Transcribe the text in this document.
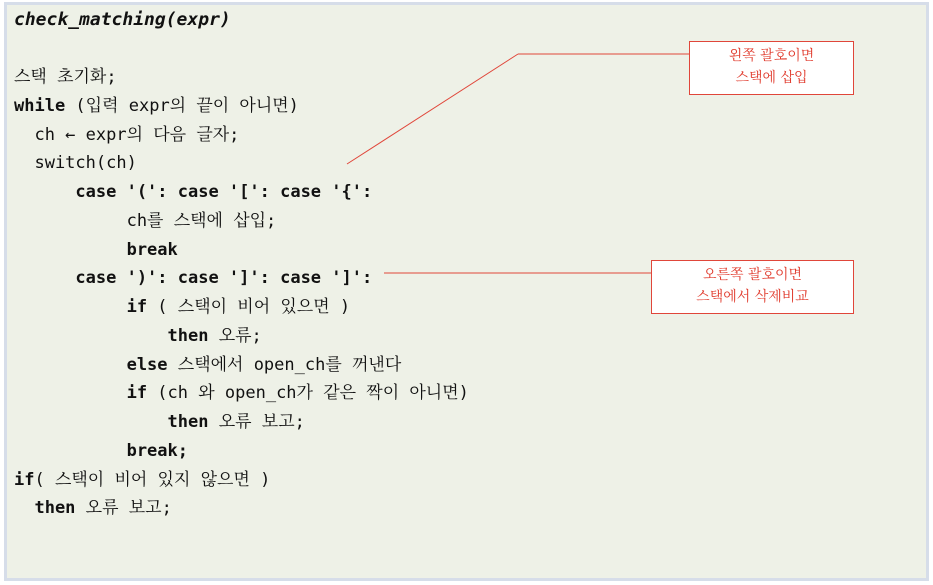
check_matching(expr)
스택 초기화;
while (입력 expr의 끝이 아니면)
ch ← expr의 다음 글자;
switch(ch)
case '(': case '[': case '{':
ch를 스택에 삽입;
break
case ')': case ']': case ']':
if ( 스택이 비어 있으면 )
then 오류;
else 스택에서 open_ch를 꺼낸다
if (ch 와 open_ch가 같은 짝이 아니면)
then 오류 보고;
break;
if( 스택이 비어 있지 않으면 )
then 오류 보고;
왼쪽 괄호이면
스택에 삽입
오른쪽 괄호이면
스택에서 삭제비교
